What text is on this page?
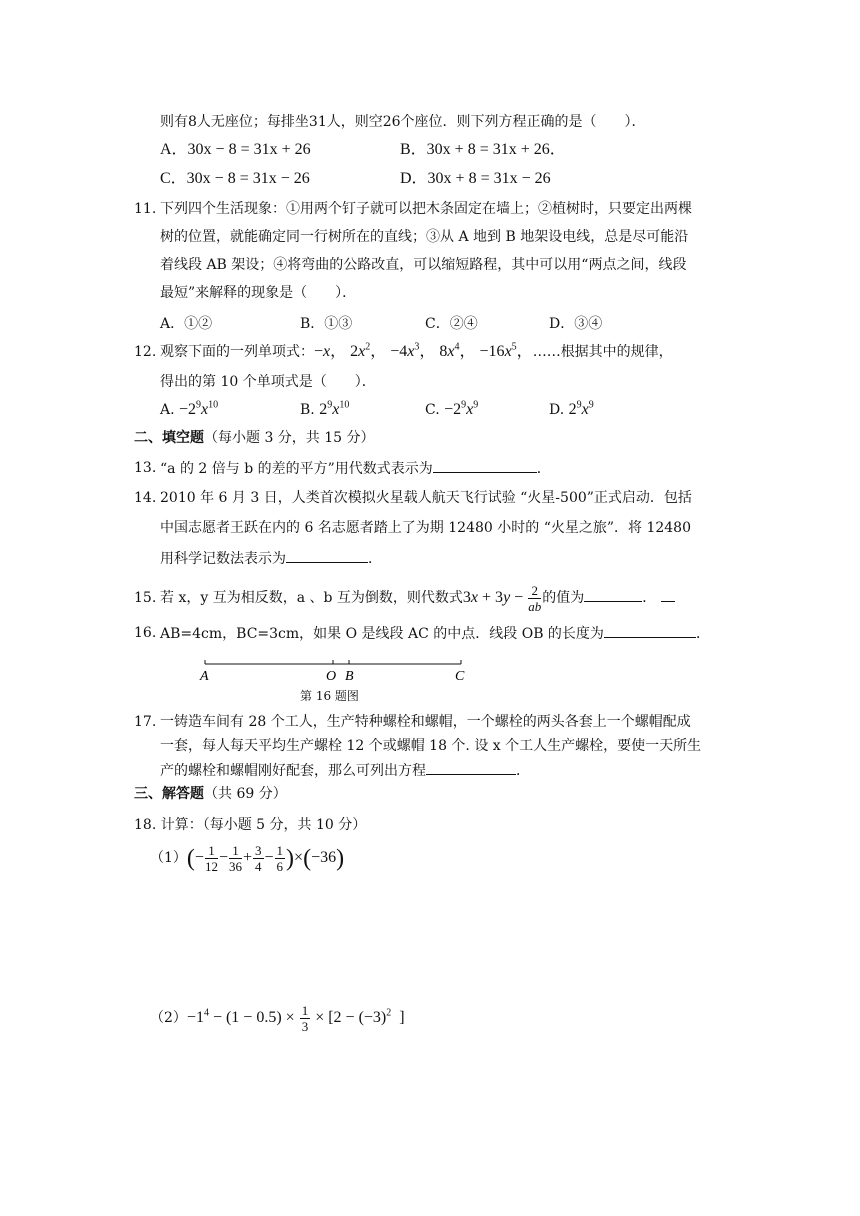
则有8人无座位；每排坐31人，则空26个座位．则下列方程正确的是（　　）．
A．30x − 8 = 31x + 26	B．30x + 8 = 31x + 26．
C．30x − 8 = 31x − 26	D．30x + 8 = 31x − 26
11. 下列四个生活现象：①用两个钉子就可以把木条固定在墙上；②植树时，只要定出两棵
树的位置，就能确定同一行树所在的直线；③从 A 地到 B 地架设电线，总是尽可能沿
着线段 AB 架设；④将弯曲的公路改直，可以缩短路程，其中可以用“两点之间，线段
最短”来解释的现象是（　　）．
A．①②	B．①③	C．②④	D．③④
12. 观察下面的一列单项式：−x， $2x^2$， $-4x^3$， $8x^4$， $-16x^5$，……根据其中的规律，
得出的第 10 个单项式是（　　）．
A. $-2^9x^{10}$	B. $2^9x^{10}$	C. $-2^9x^9$	D. $2^9x^9$
二、填空题（每小题 3 分，共 15 分）
13. “a 的 2 倍与 b 的差的平方”用代数式表示为	．
14. 2010 年 6 月 3 日，人类首次模拟火星载人航天飞行试验 “火星-500”正式启动．包括
中国志愿者王跃在内的 6 名志愿者踏上了为期 12480 小时的 “火星之旅”．将 12480
用科学记数法表示为	．
15. 若 x，y 互为相反数，a 、b 互为倒数，则代数式$3x + 3y - \frac{2}{ab}$ 的值为	．
16. AB=4cm，BC=3cm，如果 O 是线段 AC 的中点．线段 OB 的长度为	．
A	O B	C
第 16 题图
17. 一铸造车间有 28 个工人，生产特种螺栓和螺帽，一个螺栓的两头各套上一个螺帽配成
一套，每人每天平均生产螺栓 12 个或螺帽 18 个. 设 x 个工人生产螺栓，要使一天所生
产的螺栓和螺帽刚好配套，那么可列出方程	．
三、解答题（共 69 分）
18. 计算：（每小题 5 分，共 10 分）
$(1)(- \frac{1}{12} - \frac{1}{36} + \frac{3}{4} - \frac{1}{6} )\times(-36)$
$(2)-1^4 - (1 - 0.5) \times \frac{1}{3} \times [2 - (-3)^2$  ]
